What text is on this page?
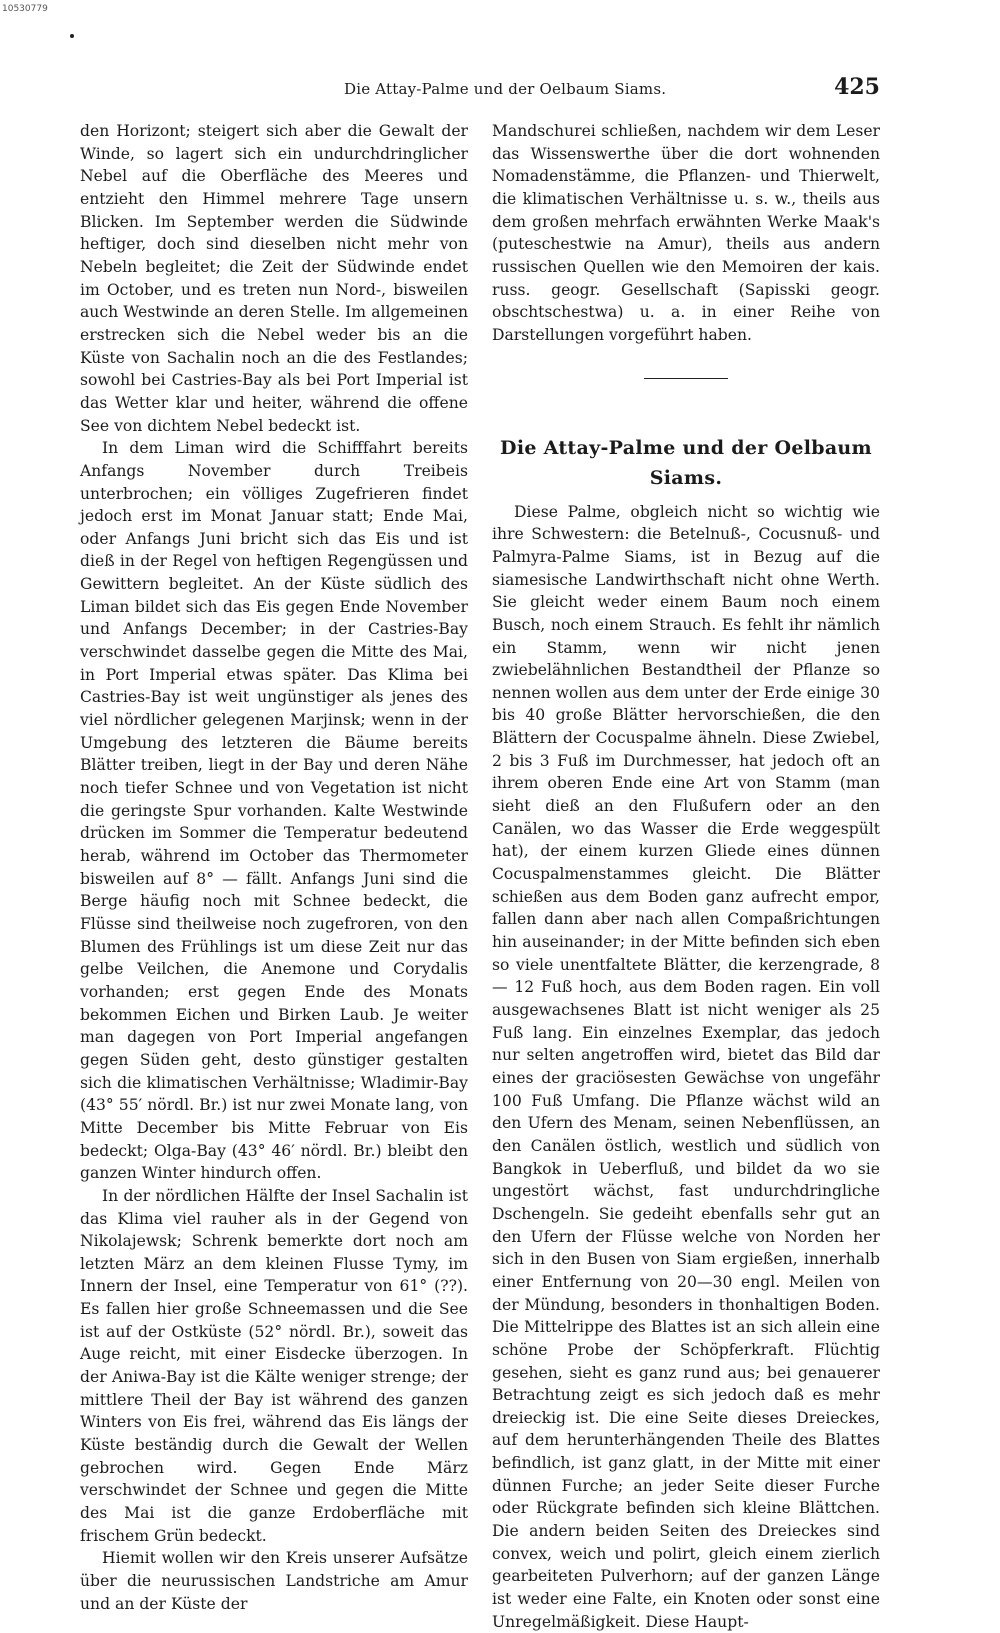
10530779
Die Attay-Palme und der Oelbaum Siams.	425

den Horizont; steigert sich aber die Gewalt der Winde, so lagert sich ein undurchdringlicher Nebel auf die Oberfläche des Meeres und entzieht den Himmel mehrere Tage unsern Blicken. Im September werden die Südwinde heftiger, doch sind dieselben nicht mehr von Nebeln begleitet; die Zeit der Südwinde endet im October, und es treten nun Nord-, bisweilen auch Westwinde an deren Stelle. Im allgemeinen erstrecken sich die Nebel weder bis an die Küste von Sachalin noch an die des Festlandes; sowohl bei Castries-Bay als bei Port Imperial ist das Wetter klar und heiter, während die offene See von dichtem Nebel bedeckt ist.

In dem Liman wird die Schifffahrt bereits Anfangs November durch Treibeis unterbrochen; ein völliges Zugefrieren findet jedoch erst im Monat Januar statt; Ende Mai, oder Anfangs Juni bricht sich das Eis und ist dieß in der Regel von heftigen Regengüssen und Gewittern begleitet. An der Küste südlich des Liman bildet sich das Eis gegen Ende November und Anfangs December; in der Castries-Bay verschwindet dasselbe gegen die Mitte des Mai, in Port Imperial etwas später. Das Klima bei Castries-Bay ist weit ungünstiger als jenes des viel nördlicher gelegenen Marjinsk; wenn in der Umgebung des letzteren die Bäume bereits Blätter treiben, liegt in der Bay und deren Nähe noch tiefer Schnee und von Vegetation ist nicht die geringste Spur vorhanden. Kalte Westwinde drücken im Sommer die Temperatur bedeutend herab, während im October das Thermometer bisweilen auf 8° — fällt. Anfangs Juni sind die Berge häufig noch mit Schnee bedeckt, die Flüsse sind theilweise noch zugefroren, von den Blumen des Frühlings ist um diese Zeit nur das gelbe Veilchen, die Anemone und Corydalis vorhanden; erst gegen Ende des Monats bekommen Eichen und Birken Laub. Je weiter man dagegen von Port Imperial angefangen gegen Süden geht, desto günstiger gestalten sich die klimatischen Verhältnisse; Wladimir-Bay (43° 55′ nördl. Br.) ist nur zwei Monate lang, von Mitte December bis Mitte Februar von Eis bedeckt; Olga-Bay (43° 46′ nördl. Br.) bleibt den ganzen Winter hindurch offen.

In der nördlichen Hälfte der Insel Sachalin ist das Klima viel rauher als in der Gegend von Nikolajewsk; Schrenk bemerkte dort noch am letzten März an dem kleinen Flusse Tymy, im Innern der Insel, eine Temperatur von 61° (??). Es fallen hier große Schneemassen und die See ist auf der Ostküste (52° nördl. Br.), soweit das Auge reicht, mit einer Eisdecke überzogen. In der Aniwa-Bay ist die Kälte weniger strenge; der mittlere Theil der Bay ist während des ganzen Winters von Eis frei, während das Eis längs der Küste beständig durch die Gewalt der Wellen gebrochen wird. Gegen Ende März verschwindet der Schnee und gegen die Mitte des Mai ist die ganze Erdoberfläche mit frischem Grün bedeckt.

Hiemit wollen wir den Kreis unserer Aufsätze über die neurussischen Landstriche am Amur und an der Küste der

Mandschurei schließen, nachdem wir dem Leser das Wissenswerthe über die dort wohnenden Nomadenstämme, die Pflanzen- und Thierwelt, die klimatischen Verhältnisse u. s. w., theils aus dem großen mehrfach erwähnten Werke Maak's (puteschestwie na Amur), theils aus andern russischen Quellen wie den Memoiren der kais. russ. geogr. Gesellschaft (Sapisski geogr. obschtschestwa) u. a. in einer Reihe von Darstellungen vorgeführt haben.

Die Attay-Palme und der Oelbaum Siams.

Diese Palme, obgleich nicht so wichtig wie ihre Schwestern: die Betelnuß-, Cocusnuß- und Palmyra-Palme Siams, ist in Bezug auf die siamesische Landwirthschaft nicht ohne Werth. Sie gleicht weder einem Baum noch einem Busch, noch einem Strauch. Es fehlt ihr nämlich ein Stamm, wenn wir nicht jenen zwiebelähnlichen Bestandtheil der Pflanze so nennen wollen aus dem unter der Erde einige 30 bis 40 große Blätter hervorschießen, die den Blättern der Cocuspalme ähneln. Diese Zwiebel, 2 bis 3 Fuß im Durchmesser, hat jedoch oft an ihrem oberen Ende eine Art von Stamm (man sieht dieß an den Flußufern oder an den Canälen, wo das Wasser die Erde weggespült hat), der einem kurzen Gliede eines dünnen Cocuspalmenstammes gleicht. Die Blätter schießen aus dem Boden ganz aufrecht empor, fallen dann aber nach allen Compaßrichtungen hin auseinander; in der Mitte befinden sich eben so viele unentfaltete Blätter, die kerzengrade, 8 — 12 Fuß hoch, aus dem Boden ragen. Ein voll ausgewachsenes Blatt ist nicht weniger als 25 Fuß lang. Ein einzelnes Exemplar, das jedoch nur selten angetroffen wird, bietet das Bild dar eines der graciösesten Gewächse von ungefähr 100 Fuß Umfang. Die Pflanze wächst wild an den Ufern des Menam, seinen Nebenflüssen, an den Canälen östlich, westlich und südlich von Bangkok in Ueberfluß, und bildet da wo sie ungestört wächst, fast undurchdringliche Dschengeln. Sie gedeiht ebenfalls sehr gut an den Ufern der Flüsse welche von Norden her sich in den Busen von Siam ergießen, innerhalb einer Entfernung von 20—30 engl. Meilen von der Mündung, besonders in thonhaltigen Boden. Die Mittelrippe des Blattes ist an sich allein eine schöne Probe der Schöpferkraft. Flüchtig gesehen, sieht es ganz rund aus; bei genauerer Betrachtung zeigt es sich jedoch daß es mehr dreieckig ist. Die eine Seite dieses Dreieckes, auf dem herunterhängenden Theile des Blattes befindlich, ist ganz glatt, in der Mitte mit einer dünnen Furche; an jeder Seite dieser Furche oder Rückgrate befinden sich kleine Blättchen. Die andern beiden Seiten des Dreieckes sind convex, weich und polirt, gleich einem zierlich gearbeiteten Pulverhorn; auf der ganzen Länge ist weder eine Falte, ein Knoten oder sonst eine Unregelmäßigkeit. Diese Haupt-
